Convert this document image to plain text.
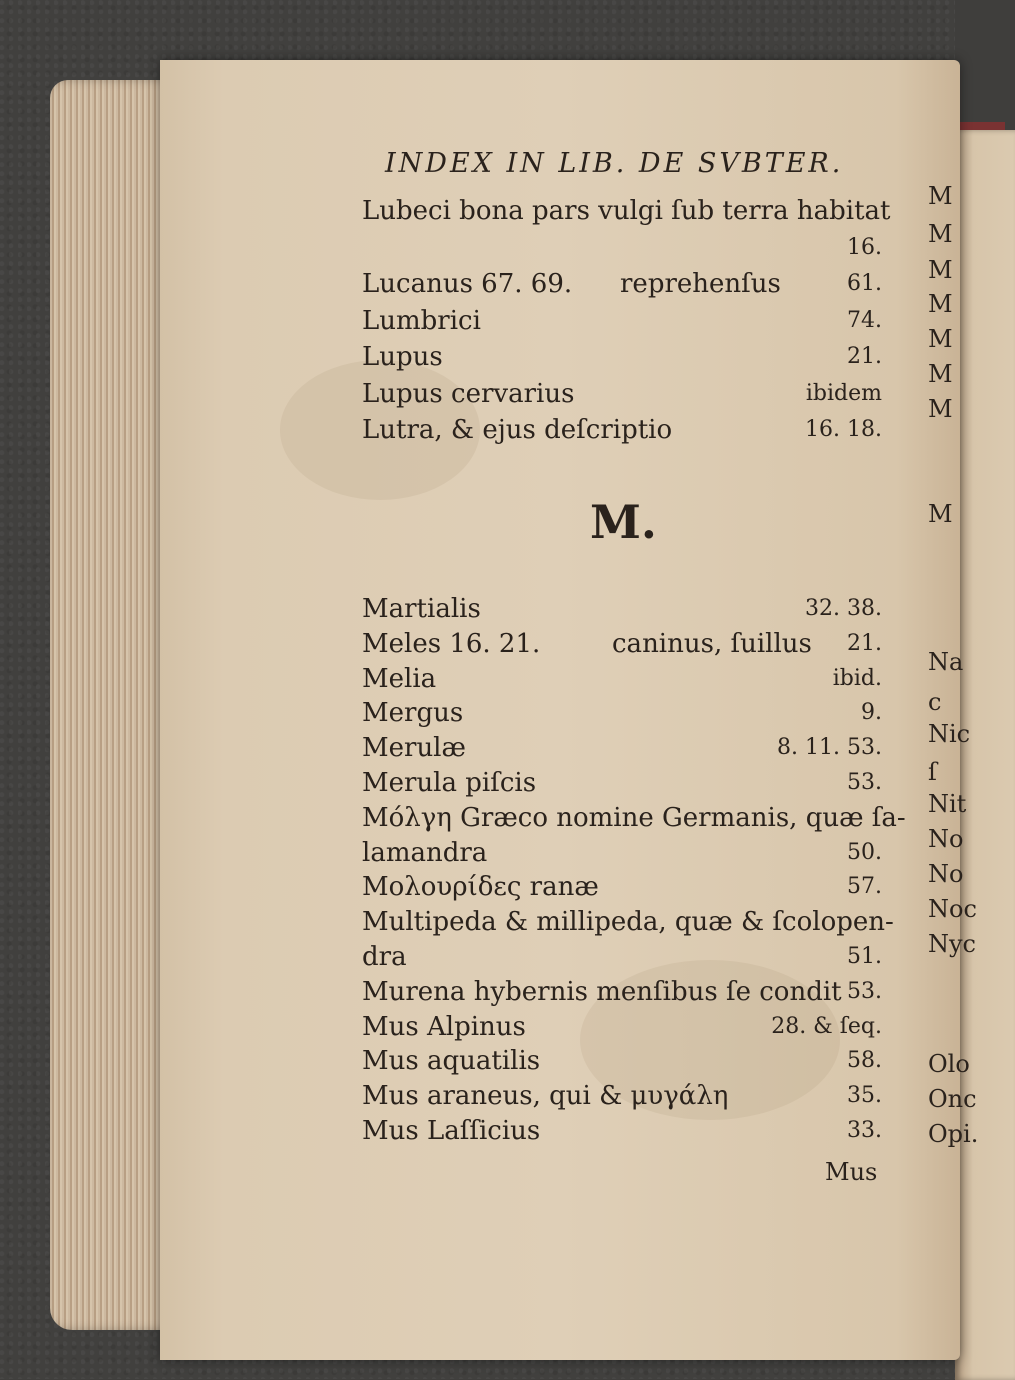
INDEX IN LIB. DE SVBTER.
Lubeci bona pars vulgi ſub terra habitat
16.
Lucanus 67. 69. reprehenſus	61.
Lumbrici	74.
Lupus	21.
Lupus cervarius	ibidem
Lutra, & ejus deſcriptio	16. 18.
M.
Martialis	32. 38.
Meles 16. 21.	caninus, ſuillus 21.
Melia	ibid.
Mergus	9.
Merulæ	8. 11. 53.
Merula piſcis	53.
Μόλγη Græco nomine Germanis, quæ ſa-
lamandra	50.
Μολουρίδες ranæ	57.
Multipeda & millipeda, quæ & ſcolopen-
dra	51.
Murena hybernis menſibus ſe condit 53.
Mus Alpinus	28. & ſeq.
Mus aquatilis	58.
Mus araneus, qui & μυγάλη	35.
Mus Laſſicius	33.
Mus
M
M
M
M
M
M
M
M
Na
c
Nic
ſ
Nit
No
No
Noc
Nyc
Olo
Onc
Opi.
